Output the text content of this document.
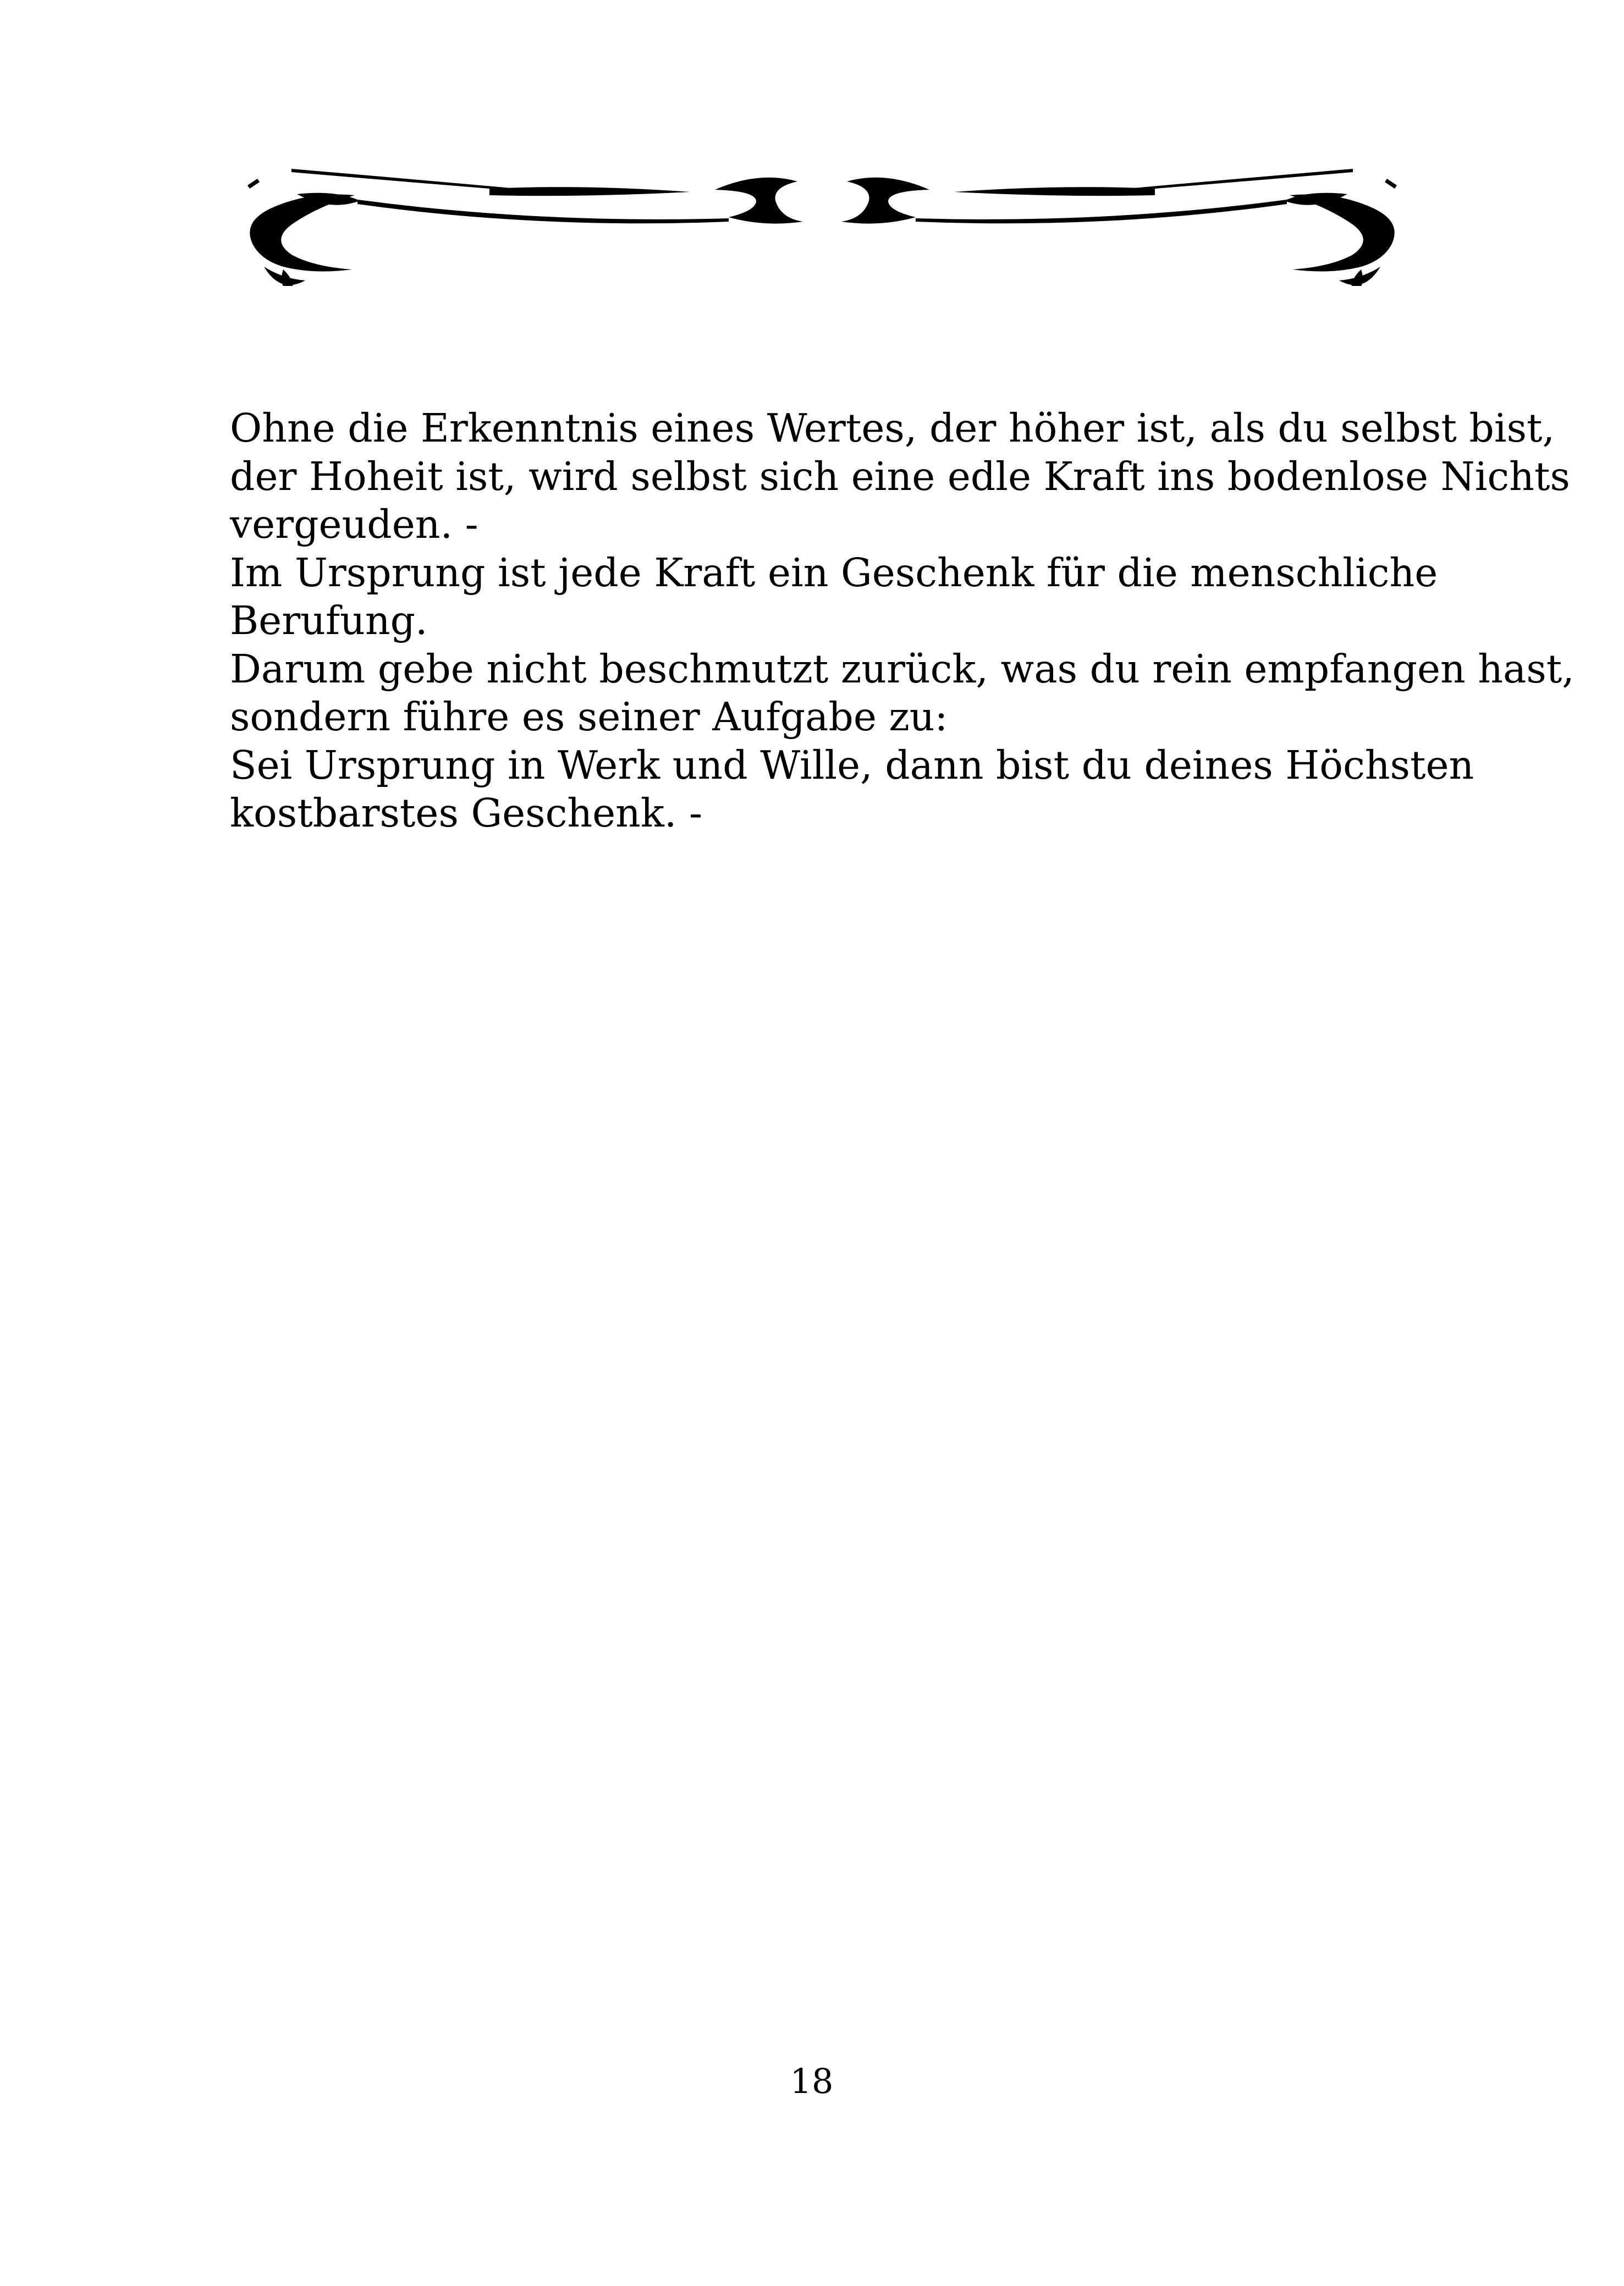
Ohne die Erkenntnis eines Wertes, der höher ist, als du selbst bist,
der Hoheit ist, wird selbst sich eine edle Kraft ins bodenlose Nichts
vergeuden. -
Im Ursprung ist jede Kraft ein Geschenk für die menschliche
Berufung.
Darum gebe nicht beschmutzt zurück, was du rein empfangen hast,
sondern führe es seiner Aufgabe zu:
Sei Ursprung in Werk und Wille, dann bist du deines Höchsten
kostbarstes Geschenk. -
18
